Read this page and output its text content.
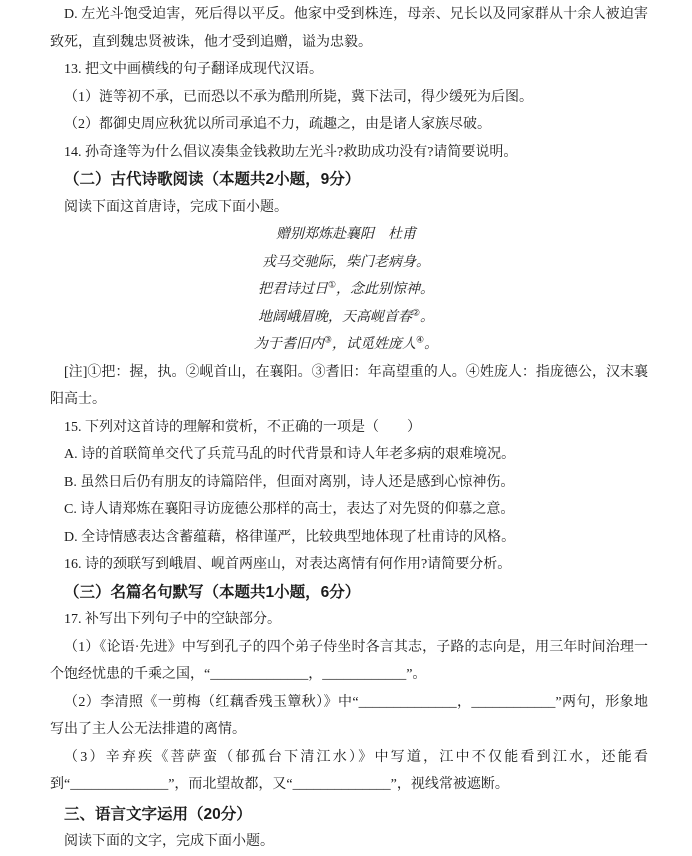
D. 左光斗饱受迫害，死后得以平反。他家中受到株连，母亲、兄长以及同家群从十余人被迫害致死，直到魏忠贤被诛，他才受到追赠，谥为忠毅。

13. 把文中画横线的句子翻译成现代汉语。

（1）涟等初不承，已而恐以不承为酷刑所毙，冀下法司，得少缓死为后图。

（2）都御史周应秋犹以所司承追不力，疏趣之，由是诸人家族尽破。

14. 孙奇逢等为什么倡议凑集金钱救助左光斗?救助成功没有?请简要说明。

（二）古代诗歌阅读（本题共2小题，9分）

阅读下面这首唐诗，完成下面小题。

赠别郑炼赴襄阳　杜甫

戎马交驰际，柴门老病身。

把君诗过日①，念此别惊神。

地阔峨眉晚，天高岘首春②。

为于耆旧内③，试觅姓庞人④。

[注]①把：握，执。②岘首山，在襄阳。③耆旧：年高望重的人。④姓庞人：指庞德公，汉末襄阳高士。

15. 下列对这首诗的理解和赏析，不正确的一项是（　　）

A. 诗的首联简单交代了兵荒马乱的时代背景和诗人年老多病的艰难境况。

B. 虽然日后仍有朋友的诗篇陪伴，但面对离别，诗人还是感到心惊神伤。

C. 诗人请郑炼在襄阳寻访庞德公那样的高士，表达了对先贤的仰慕之意。

D. 全诗情感表达含蓄蕴藉，格律谨严，比较典型地体现了杜甫诗的风格。

16. 诗的颈联写到峨眉、岘首两座山，对表达离情有何作用?请简要分析。

（三）名篇名句默写（本题共1小题，6分）

17. 补写出下列句子中的空缺部分。

（1）《论语·先进》中写到孔子的四个弟子侍坐时各言其志，子路的志向是，用三年时间治理一个饱经忧患的千乘之国，“______________，____________”。

（2）李清照《一剪梅（红藕香残玉簟秋）》中“______________，____________”两句，形象地写出了主人公无法排遣的离情。

（3）辛弃疾《菩萨蛮（郁孤台下清江水）》中写道，江中不仅能看到江水，还能看到“______________”，而北望故都，又“______________”，视线常被遮断。

三、语言文字运用（20分）

阅读下面的文字，完成下面小题。
